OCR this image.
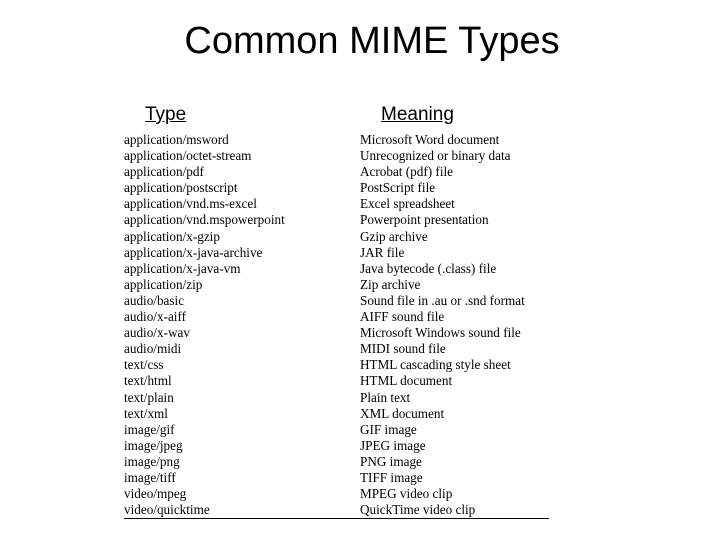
Common MIME Types
Type	Meaning
application/msword	Microsoft Word document
application/octet-stream	Unrecognized or binary data
application/pdf	Acrobat (pdf) file
application/postscript	PostScript file
application/vnd.ms-excel	Excel spreadsheet
application/vnd.mspowerpoint	Powerpoint presentation
application/x-gzip	Gzip archive
application/x-java-archive	JAR file
application/x-java-vm	Java bytecode (.class) file
application/zip	Zip archive
audio/basic	Sound file in .au or .snd format
audio/x-aiff	AIFF sound file
audio/x-wav	Microsoft Windows sound file
audio/midi	MIDI sound file
text/css	HTML cascading style sheet
text/html	HTML document
text/plain	Plain text
text/xml	XML document
image/gif	GIF image
image/jpeg	JPEG image
image/png	PNG image
image/tiff	TIFF image
video/mpeg	MPEG video clip
video/quicktime	QuickTime video clip
